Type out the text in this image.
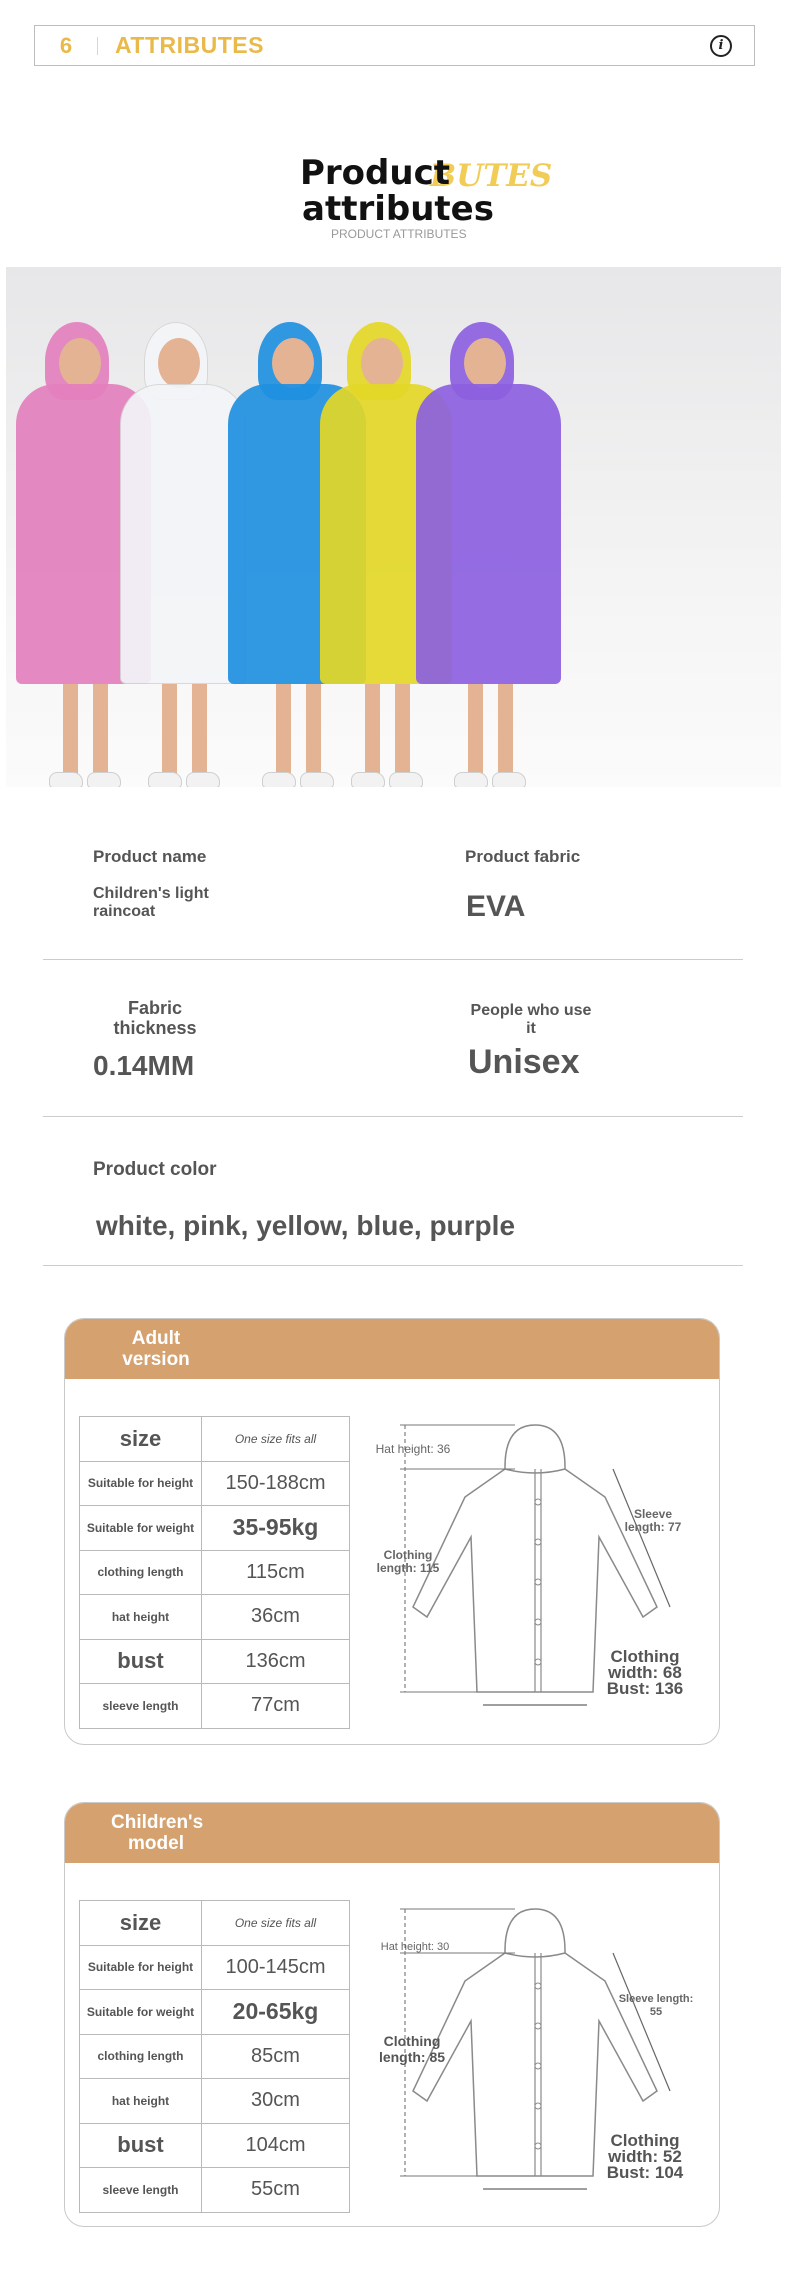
6	ATTRIBUTES	i
BUTES
Product
attributes
PRODUCT ATTRIBUTES
Product name
Children's light raincoat
Product fabric
EVA
Fabric thickness
0.14MM
People who use it
Unisex
Product color
white, pink, yellow, blue, purple
Adult version
size	One size fits all
Suitable for height	150-188cm
Suitable for weight	35-95kg
clothing length	115cm
hat height	36cm
bust	136cm
sleeve length	77cm
Hat height: 36
Clothing length: 115
Sleeve length: 77
Clothing width: 68
Bust: 136
Children's model
size	One size fits all
Suitable for height	100-145cm
Suitable for weight	20-65kg
clothing length	85cm
hat height	30cm
bust	104cm
sleeve length	55cm
Hat height: 30
Clothing length: 85
Sleeve length: 55
Clothing width: 52
Bust: 104
